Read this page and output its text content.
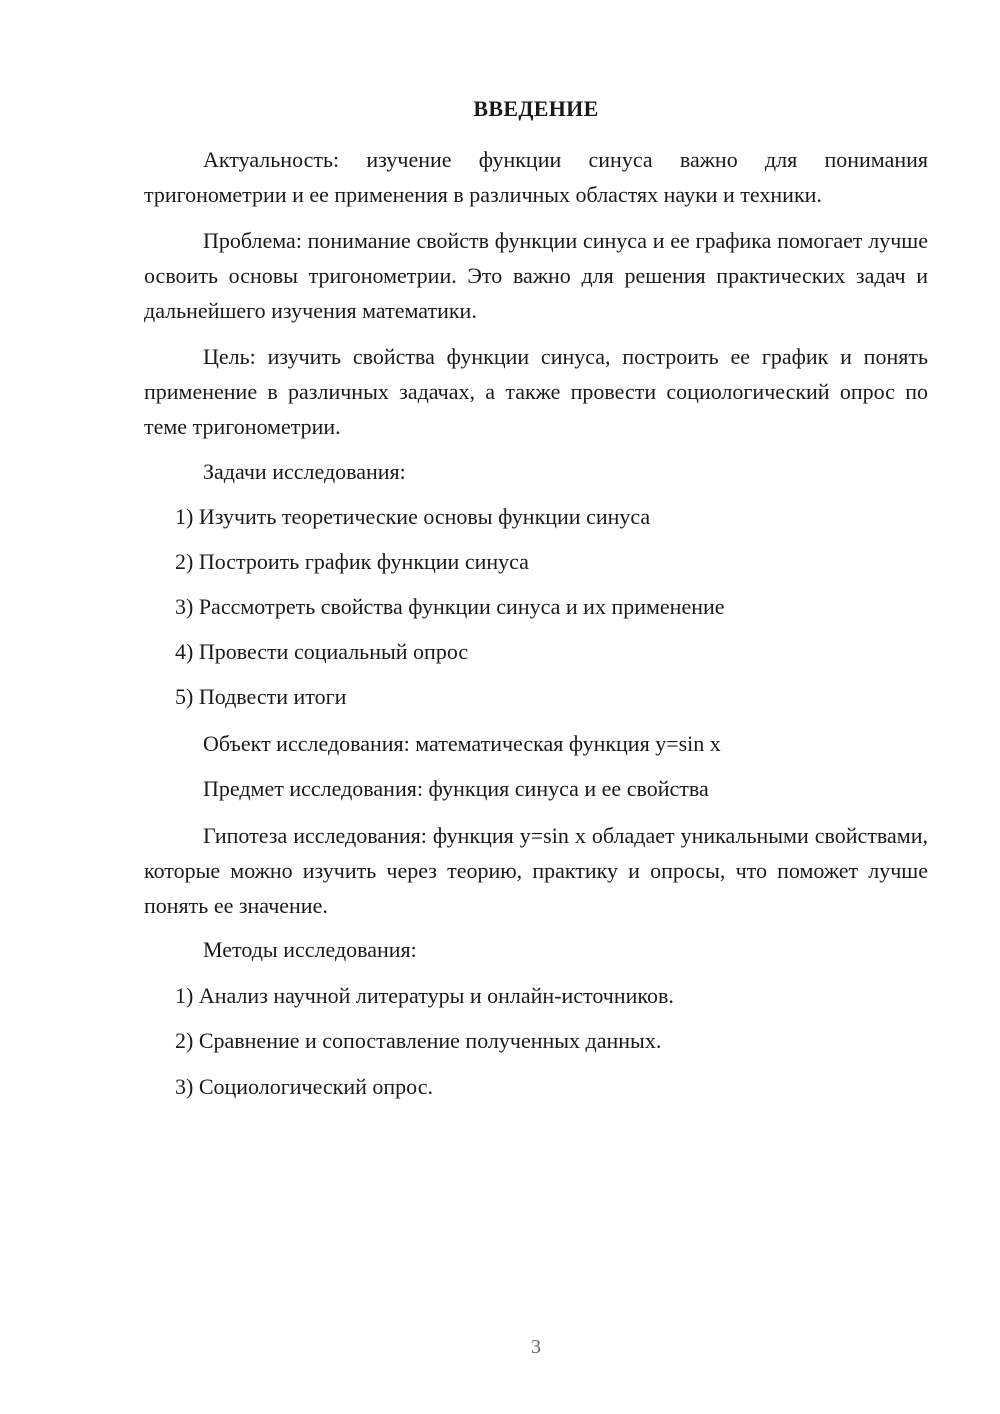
ВВЕДЕНИЕ

Актуальность: изучение функции синуса важно для понимания тригонометрии и ее применения в различных областях науки и техники.

Проблема: понимание свойств функции синуса и ее графика помогает лучше освоить основы тригонометрии. Это важно для решения практических задач и дальнейшего изучения математики.

Цель: изучить свойства функции синуса, построить ее график и понять применение в различных задачах, а также провести социологический опрос по теме тригонометрии.

Задачи исследования:

1) Изучить теоретические основы функции синуса

2) Построить график функции синуса

3) Рассмотреть свойства функции синуса и их применение

4) Провести социальный опрос

5) Подвести итоги

Объект исследования: математическая функция y=sin x

Предмет исследования: функция синуса и ее свойства

Гипотеза исследования: функция y=sin x обладает уникальными свойствами, которые можно изучить через теорию, практику и опросы, что поможет лучше понять ее значение.

Методы исследования:

1) Анализ научной литературы и онлайн-источников.

2) Сравнение и сопоставление полученных данных.

3) Социологический опрос.

3
